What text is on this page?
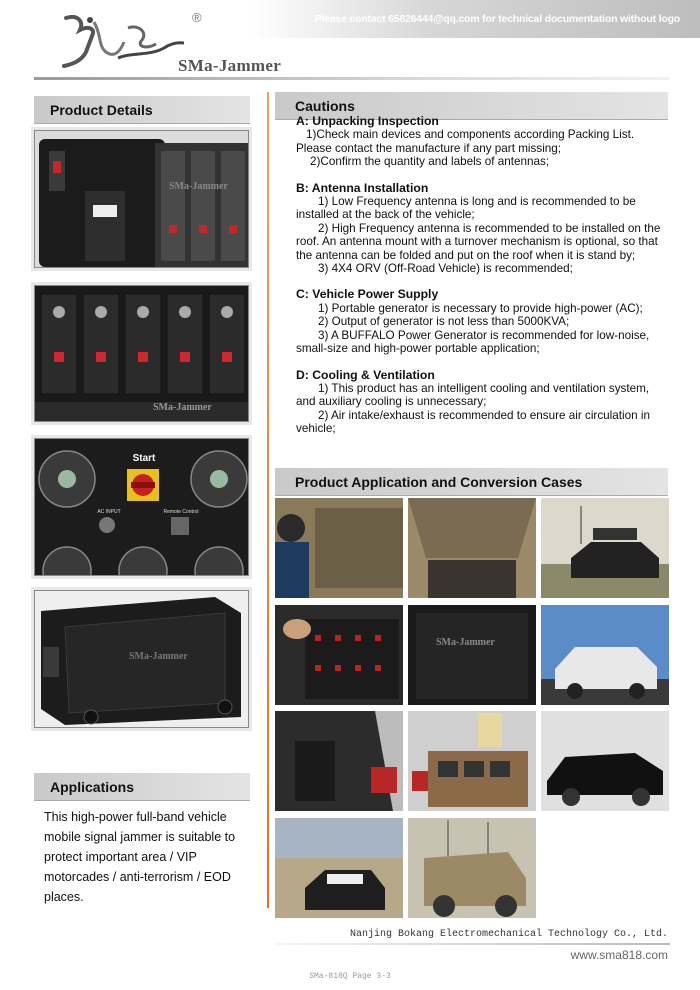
Please contact 65826444@qq.com for technical documentation without logo
®
SMa-Jammer
Product Details
SMa-Jammer
SMa-Jammer
Start
AC INPUT	Remote Control
SMa-Jammer
Applications
This high-power full-band vehicle mobile signal jammer is suitable to protect important area / VIP motorcades / anti-terrorism / EOD places.
Cautions
A: Unpacking Inspection
1)Check main devices and components according Packing List. Please contact the manufacture if any part missing;
2)Confirm the quantity and labels of antennas;
B: Antenna Installation
1) Low Frequency antenna is long and is recommended to be installed at the back of the vehicle;
2) High Frequency antenna is recommended to be installed on the roof. An antenna mount with a turnover mechanism is optional, so that the antenna can be folded and put on the roof when it is stand by;
3) 4X4 ORV (Off-Road Vehicle) is recommended;
C: Vehicle Power Supply
1) Portable generator is necessary to provide high-power (AC);
2) Output of generator is not less than 5000KVA;
3) A BUFFALO Power Generator is recommended for low-noise, small-size and high-power portable application;
D: Cooling & Ventilation
1) This product has an intelligent cooling and ventilation system, and auxiliary cooling is unnecessary;
2) Air intake/exhaust is recommended to ensure air circulation in vehicle;
Product Application and Conversion Cases
SMa-Jammer
Nanjing Bokang Electromechanical Technology Co., Ltd.
www.sma818.com
SMa-818Q Page 3-3
